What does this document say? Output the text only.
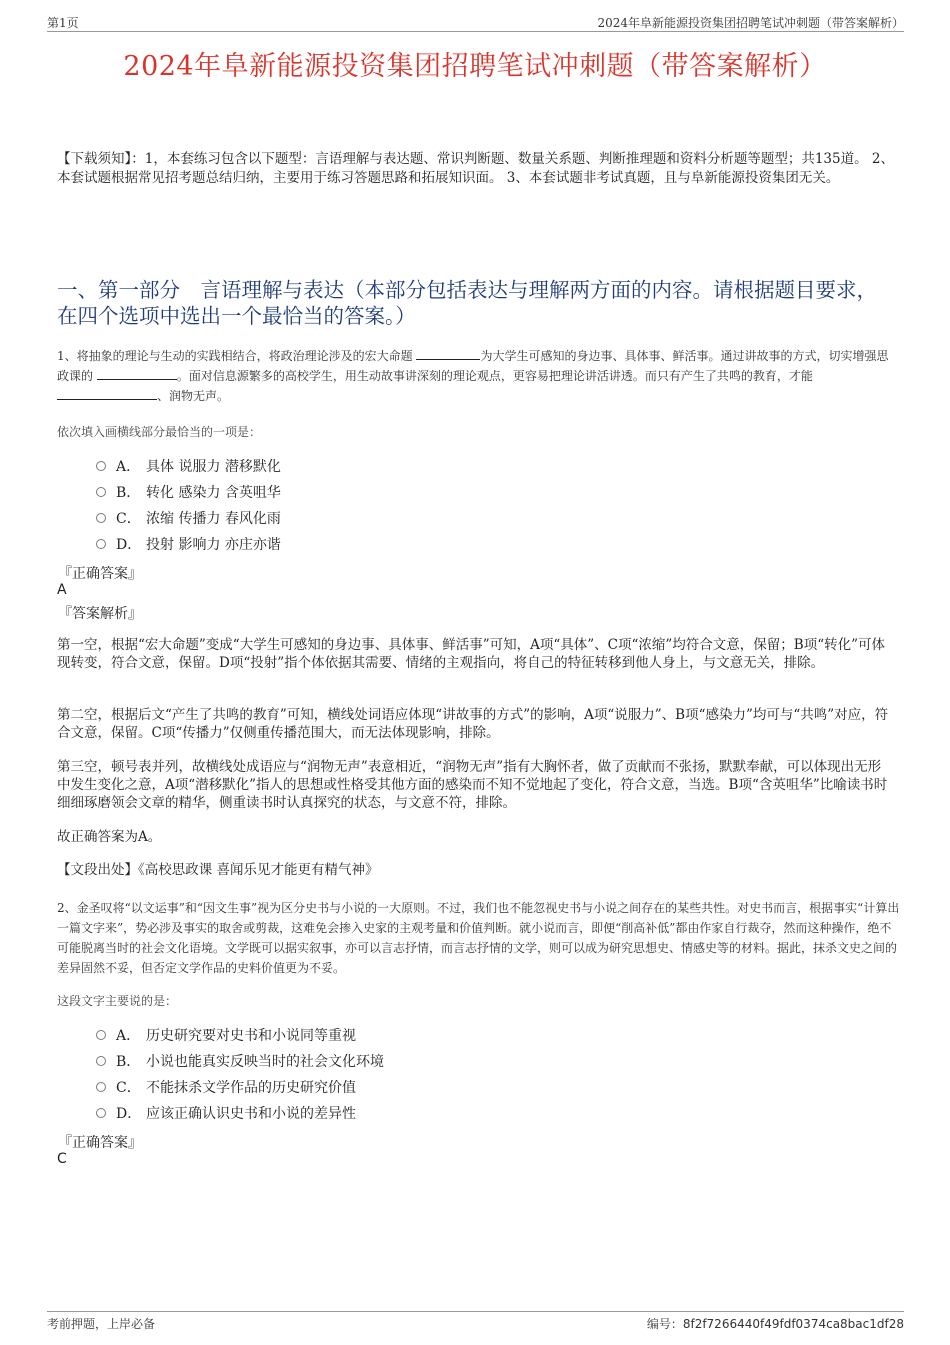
第1页	2024年阜新能源投资集团招聘笔试冲刺题（带答案解析）
2024年阜新能源投资集团招聘笔试冲刺题（带答案解析）
【下载须知】：1，本套练习包含以下题型：言语理解与表达题、常识判断题、数量关系题、判断推理题和资料分析题等题型；共135道。 2、本套试题根据常见招考题总结归纳，主要用于练习答题思路和拓展知识面。 3、本套试题非考试真题，且与阜新能源投资集团无关。
一、第一部分　言语理解与表达（本部分包括表达与理解两方面的内容。请根据题目要求，在四个选项中选出一个最恰当的答案。）
1、将抽象的理论与生动的实践相结合，将政治理论涉及的宏大命题	为大学生可感知的身边事、具体事、鲜活事。通过讲故事的方式，切实增强思政课的	。面对信息源繁多的高校学生，用生动故事讲深刻的理论观点，更容易把理论讲活讲透。而只有产生了共鸣的教育，才能 、润物无声。
依次填入画横线部分最恰当的一项是：
A． 具体 说服力 潜移默化
B． 转化 感染力 含英咀华
C． 浓缩 传播力 春风化雨
D． 投射 影响力 亦庄亦谐
『正确答案』
A
『答案解析』
第一空，根据“宏大命题”变成“大学生可感知的身边事、具体事、鲜活事”可知，A项“具体”、C项“浓缩”均符合文意，保留；B项“转化”可体现转变，符合文意，保留。D项“投射”指个体依据其需要、情绪的主观指向，将自己的特征转移到他人身上，与文意无关，排除。
第二空，根据后文“产生了共鸣的教育”可知，横线处词语应体现“讲故事的方式”的影响，A项“说服力”、B项“感染力”均可与“共鸣”对应，符合文意，保留。C项“传播力”仅侧重传播范围大，而无法体现影响，排除。
第三空，顿号表并列，故横线处成语应与“润物无声”表意相近，“润物无声”指有大胸怀者，做了贡献而不张扬，默默奉献，可以体现出无形中发生变化之意，A项“潜移默化”指人的思想或性格受其他方面的感染而不知不觉地起了变化，符合文意，当选。B项“含英咀华”比喻读书时细细琢磨领会文章的精华，侧重读书时认真探究的状态，与文意不符，排除。
故正确答案为A。
【文段出处】《高校思政课 喜闻乐见才能更有精气神》
2、金圣叹将“以文运事”和“因文生事”视为区分史书与小说的一大原则。不过，我们也不能忽视史书与小说之间存在的某些共性。对史书而言，根据事实“计算出一篇文字来”，势必涉及事实的取舍或剪裁，这难免会掺入史家的主观考量和价值判断。就小说而言，即便“削高补低”都由作家自行裁夺，然而这种操作，绝不可能脱离当时的社会文化语境。文学既可以据实叙事，亦可以言志抒情，而言志抒情的文学，则可以成为研究思想史、情感史等的材料。据此，抹杀文史之间的差异固然不妥，但否定文学作品的史料价值更为不妥。
这段文字主要说的是：
A． 历史研究要对史书和小说同等重视
B． 小说也能真实反映当时的社会文化环境
C． 不能抹杀文学作品的历史研究价值
D． 应该正确认识史书和小说的差异性
『正确答案』
C
考前押题，上岸必备	编号：8f2f7266440f49fdf0374ca8bac1df28
